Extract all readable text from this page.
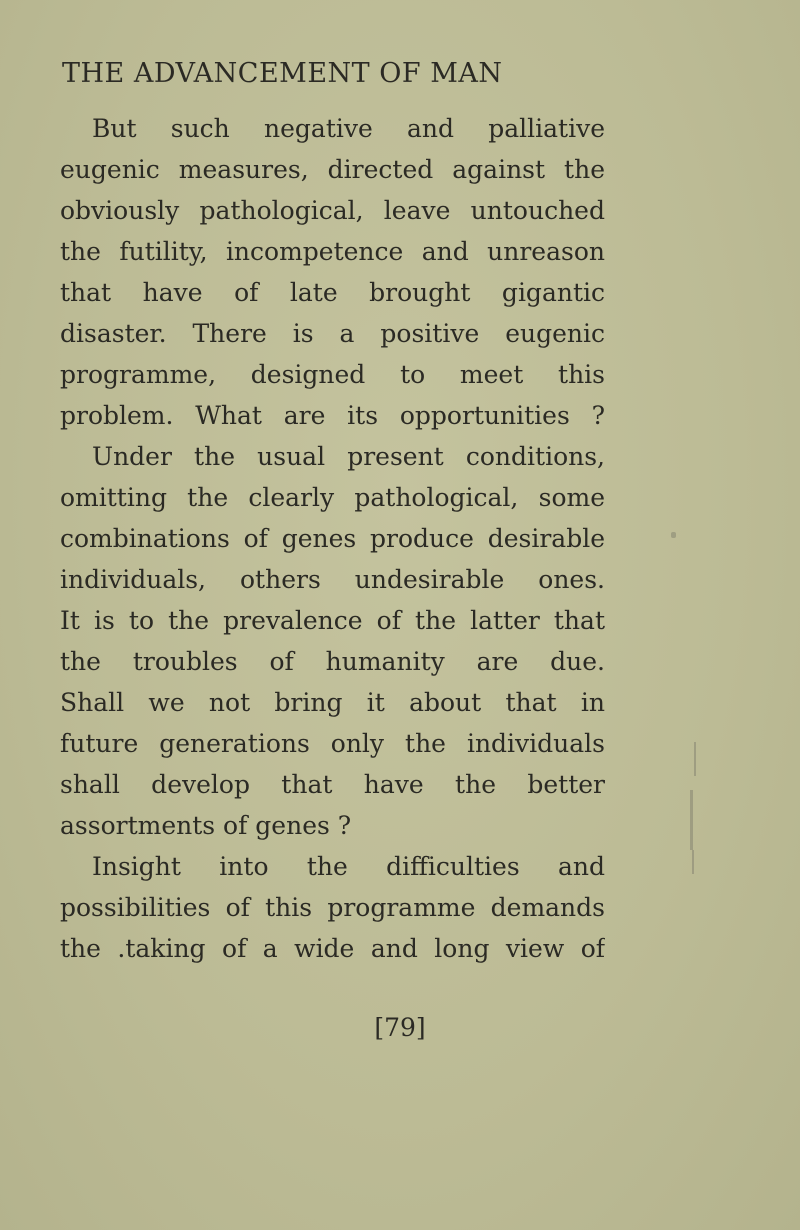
THE ADVANCEMENT OF MAN
But such negative and palliative
eugenic measures, directed against the
obviously pathological, leave untouched
the futility, incompetence and unreason
that have of late brought gigantic
disaster. There is a positive eugenic
programme, designed to meet this
problem. What are its opportunities ?
Under the usual present conditions,
omitting the clearly pathological, some
combinations of genes produce desirable
individuals, others undesirable ones.
It is to the prevalence of the latter that
the troubles of humanity are due.
Shall we not bring it about that in
future generations only the individuals
shall develop that have the better
assortments of genes ?
Insight into the difficulties and
possibilities of this programme demands
the .taking of a wide and long view of
[79]
